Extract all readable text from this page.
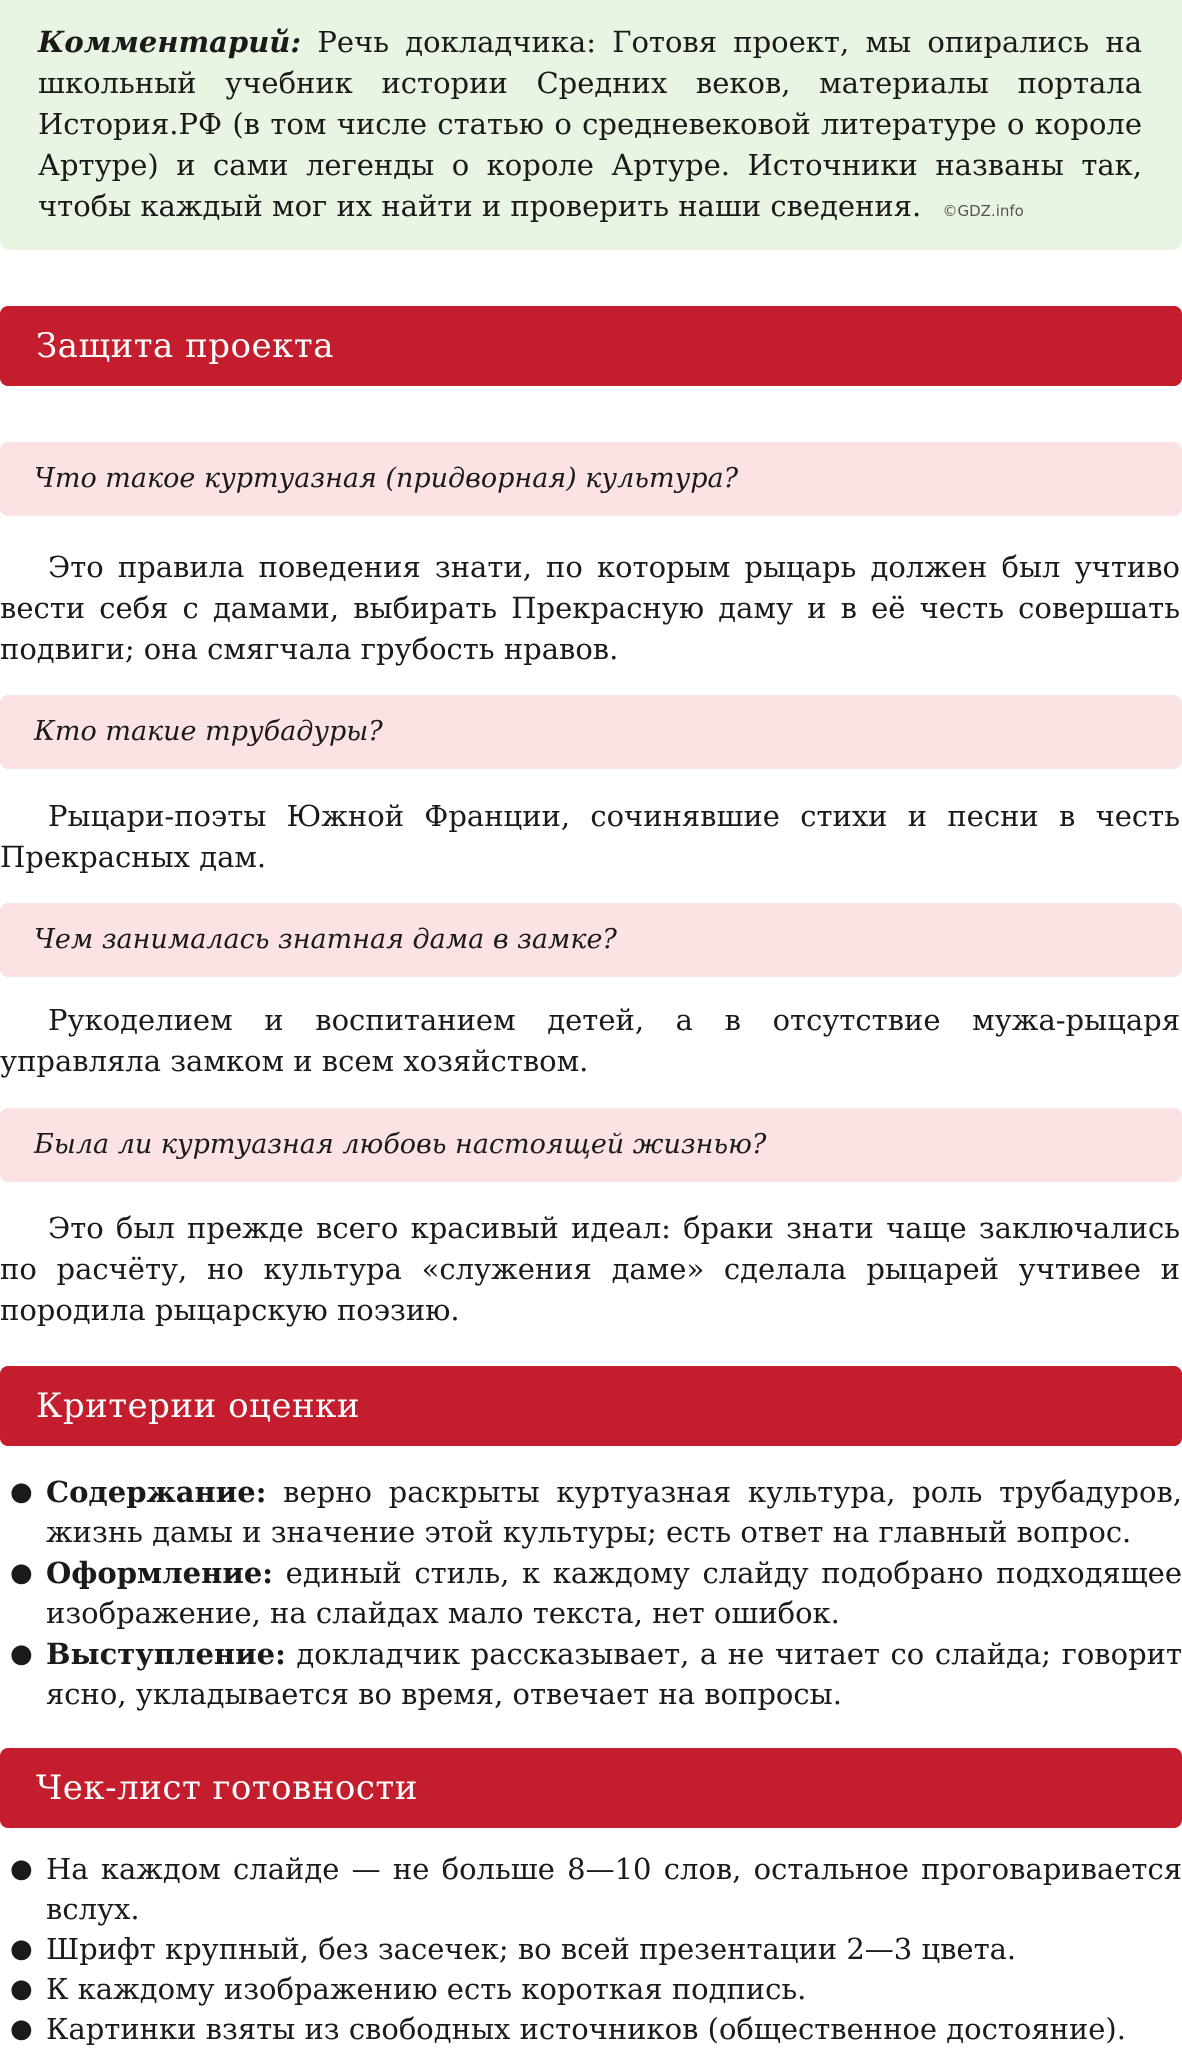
Комментарий: Речь докладчика: Готовя проект, мы опирались на школьный учебник истории Средних веков, материалы портала История.РФ (в том числе статью о средневековой литературе о короле Артуре) и сами легенды о короле Артуре. Источники названы так, чтобы каждый мог их найти и проверить наши сведения. ©GDZ.info
Защита проекта
Что такое куртуазная (придворная) культура?
Это правила поведения знати, по которым рыцарь должен был учтиво вести себя с дамами, выбирать Прекрасную даму и в её честь совершать подвиги; она смягчала грубость нравов.
Кто такие трубадуры?
Рыцари-поэты Южной Франции, сочинявшие стихи и песни в честь Прекрасных дам.
Чем занималась знатная дама в замке?
Рукоделием и воспитанием детей, а в отсутствие мужа-рыцаря управляла замком и всем хозяйством.
Была ли куртуазная любовь настоящей жизнью?
Это был прежде всего красивый идеал: браки знати чаще заключались по расчёту, но культура «служения даме» сделала рыцарей учтивее и породила рыцарскую поэзию.
Критерии оценки
● Содержание: верно раскрыты куртуазная культура, роль трубадуров, жизнь дамы и значение этой культуры; есть ответ на главный вопрос.
● Оформление: единый стиль, к каждому слайду подобрано подходящее изображение, на слайдах мало текста, нет ошибок.
● Выступление: докладчик рассказывает, а не читает со слайда; говорит ясно, укладывается во время, отвечает на вопросы.
Чек-лист готовности
● На каждом слайде — не больше 8—10 слов, остальное проговаривается вслух.
● Шрифт крупный, без засечек; во всей презентации 2—3 цвета.
● К каждому изображению есть короткая подпись.
● Картинки взяты из свободных источников (общественное достояние).
